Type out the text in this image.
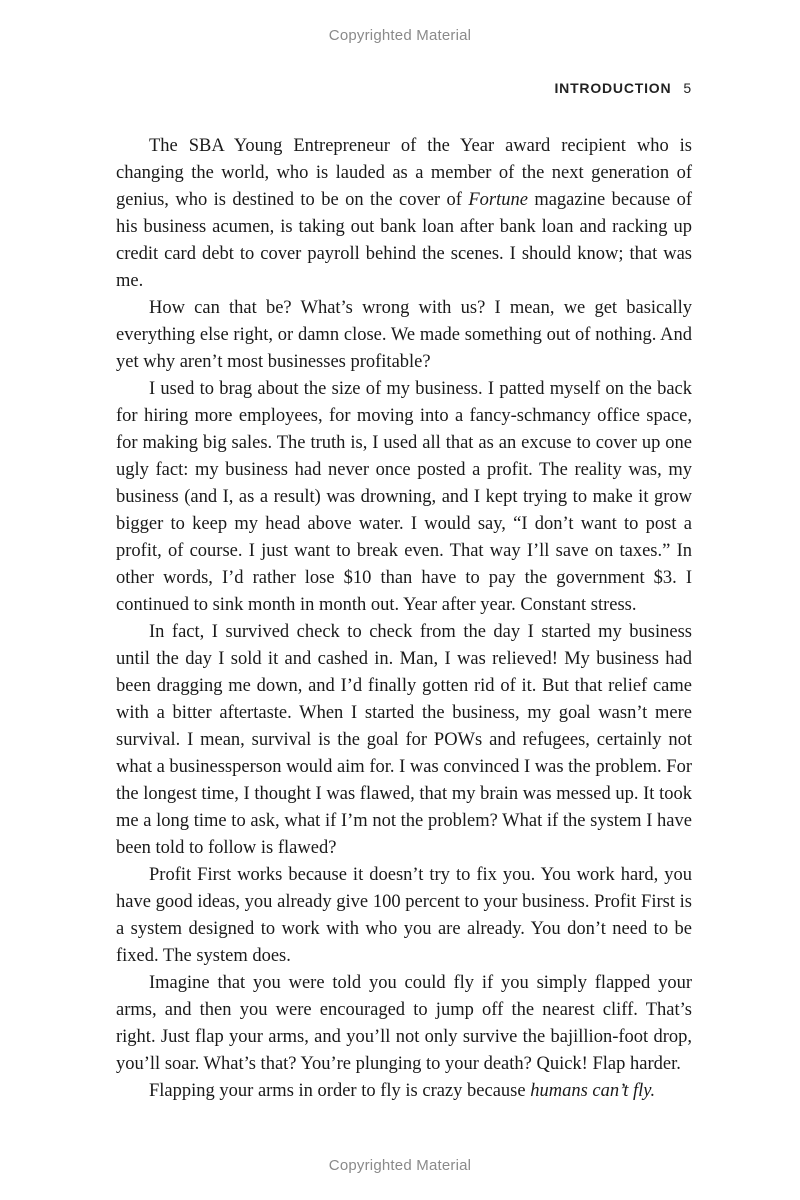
Copyrighted Material
INTRODUCTION 5

The SBA Young Entrepreneur of the Year award recipient who is changing the world, who is lauded as a member of the next generation of genius, who is destined to be on the cover of Fortune magazine because of his business acumen, is taking out bank loan after bank loan and racking up credit card debt to cover payroll behind the scenes. I should know; that was me.

How can that be? What’s wrong with us? I mean, we get basically everything else right, or damn close. We made something out of nothing. And yet why aren’t most businesses profitable?

I used to brag about the size of my business. I patted myself on the back for hiring more employees, for moving into a fancy-schmancy office space, for making big sales. The truth is, I used all that as an excuse to cover up one ugly fact: my business had never once posted a profit. The reality was, my business (and I, as a result) was drowning, and I kept trying to make it grow bigger to keep my head above water. I would say, “I don’t want to post a profit, of course. I just want to break even. That way I’ll save on taxes.” In other words, I’d rather lose $10 than have to pay the government $3. I continued to sink month in month out. Year after year. Constant stress.

In fact, I survived check to check from the day I started my business until the day I sold it and cashed in. Man, I was relieved! My business had been dragging me down, and I’d finally gotten rid of it. But that relief came with a bitter aftertaste. When I started the business, my goal wasn’t mere survival. I mean, survival is the goal for POWs and refugees, certainly not what a businessperson would aim for. I was convinced I was the problem. For the longest time, I thought I was flawed, that my brain was messed up. It took me a long time to ask, what if I’m not the problem? What if the system I have been told to follow is flawed?

Profit First works because it doesn’t try to fix you. You work hard, you have good ideas, you already give 100 percent to your business. Profit First is a system designed to work with who you are already. You don’t need to be fixed. The system does.

Imagine that you were told you could fly if you simply flapped your arms, and then you were encouraged to jump off the nearest cliff. That’s right. Just flap your arms, and you’ll not only survive the bajillion-foot drop, you’ll soar. What’s that? You’re plunging to your death? Quick! Flap harder.

Flapping your arms in order to fly is crazy because humans can’t fly.

Copyrighted Material
